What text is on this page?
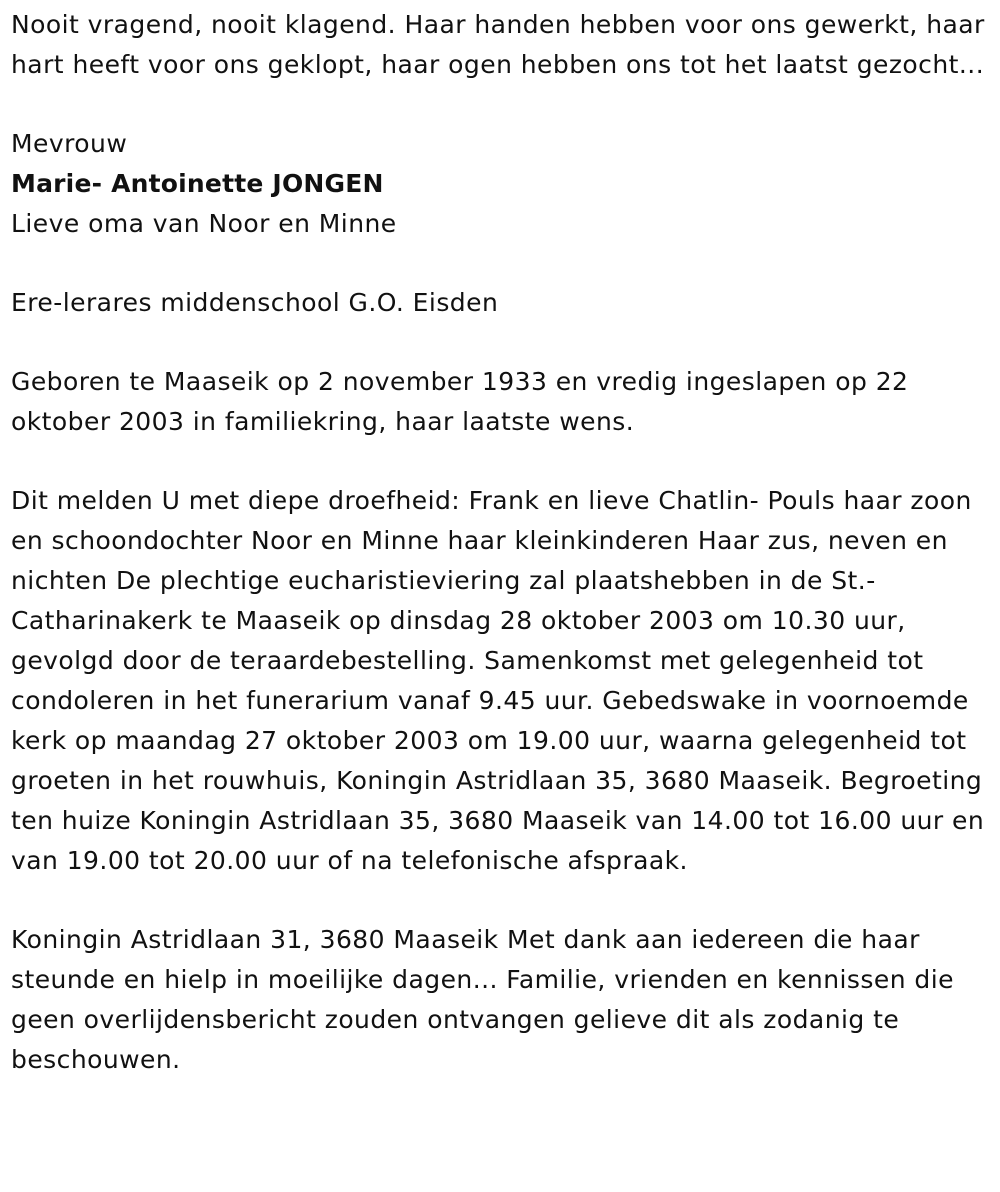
Nooit vragend, nooit klagend. Haar handen hebben voor ons gewerkt, haar hart heeft voor ons geklopt, haar ogen hebben ons tot het laatst gezocht...

Mevrouw

Marie- Antoinette JONGEN

Lieve oma van Noor en Minne

Ere-lerares middenschool G.O. Eisden

Geboren te Maaseik op 2 november 1933 en vredig ingeslapen op 22 oktober 2003 in familiekring, haar laatste wens.

Dit melden U met diepe droefheid: Frank en lieve Chatlin- Pouls haar zoon en schoondochter Noor en Minne haar kleinkinderen Haar zus, neven en nichten De plechtige eucharistieviering zal plaatshebben in de St.- Catharinakerk te Maaseik op dinsdag 28 oktober 2003 om 10.30 uur, gevolgd door de teraardebestelling. Samenkomst met gelegenheid tot condoleren in het funerarium vanaf 9.45 uur. Gebedswake in voornoemde kerk op maandag 27 oktober 2003 om 19.00 uur, waarna gelegenheid tot groeten in het rouwhuis, Koningin Astridlaan 35, 3680 Maaseik. Begroeting ten huize Koningin Astridlaan 35, 3680 Maaseik van 14.00 tot 16.00 uur en van 19.00 tot 20.00 uur of na telefonische afspraak.

Koningin Astridlaan 31, 3680 Maaseik Met dank aan iedereen die haar steunde en hielp in moeilijke dagen... Familie, vrienden en kennissen die geen overlijdensbericht zouden ontvangen gelieve dit als zodanig te beschouwen.
